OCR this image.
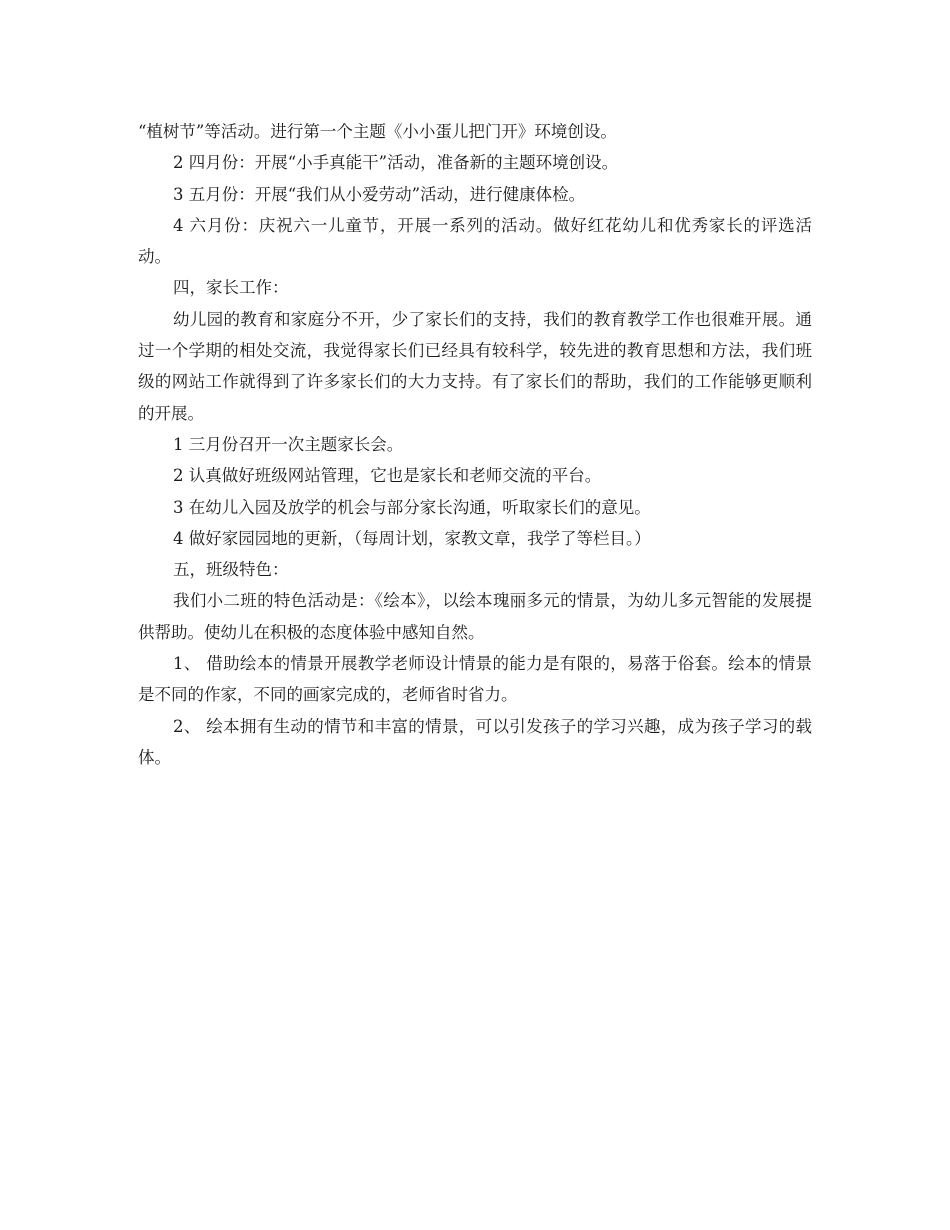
“植树节”等活动。进行第一个主题《小小蛋儿把门开》环境创设。

2 四月份：开展“小手真能干”活动，准备新的主题环境创设。

3 五月份：开展“我们从小爱劳动”活动，进行健康体检。

4 六月份：庆祝六一儿童节，开展一系列的活动。做好红花幼儿和优秀家长的评选活动。

四，家长工作：

幼儿园的教育和家庭分不开，少了家长们的支持，我们的教育教学工作也很难开展。通过一个学期的相处交流，我觉得家长们已经具有较科学，较先进的教育思想和方法，我们班级的网站工作就得到了许多家长们的大力支持。有了家长们的帮助，我们的工作能够更顺利的开展。

1 三月份召开一次主题家长会。

2 认真做好班级网站管理，它也是家长和老师交流的平台。

3 在幼儿入园及放学的机会与部分家长沟通，听取家长们的意见。

4 做好家园园地的更新，（每周计划，家教文章，我学了等栏目。）

五，班级特色：

我们小二班的特色活动是：《绘本》，以绘本瑰丽多元的情景，为幼儿多元智能的发展提供帮助。使幼儿在积极的态度体验中感知自然。

1、 借助绘本的情景开展教学老师设计情景的能力是有限的，易落于俗套。绘本的情景是不同的作家，不同的画家完成的，老师省时省力。

2、 绘本拥有生动的情节和丰富的情景，可以引发孩子的学习兴趣，成为孩子学习的载体。
